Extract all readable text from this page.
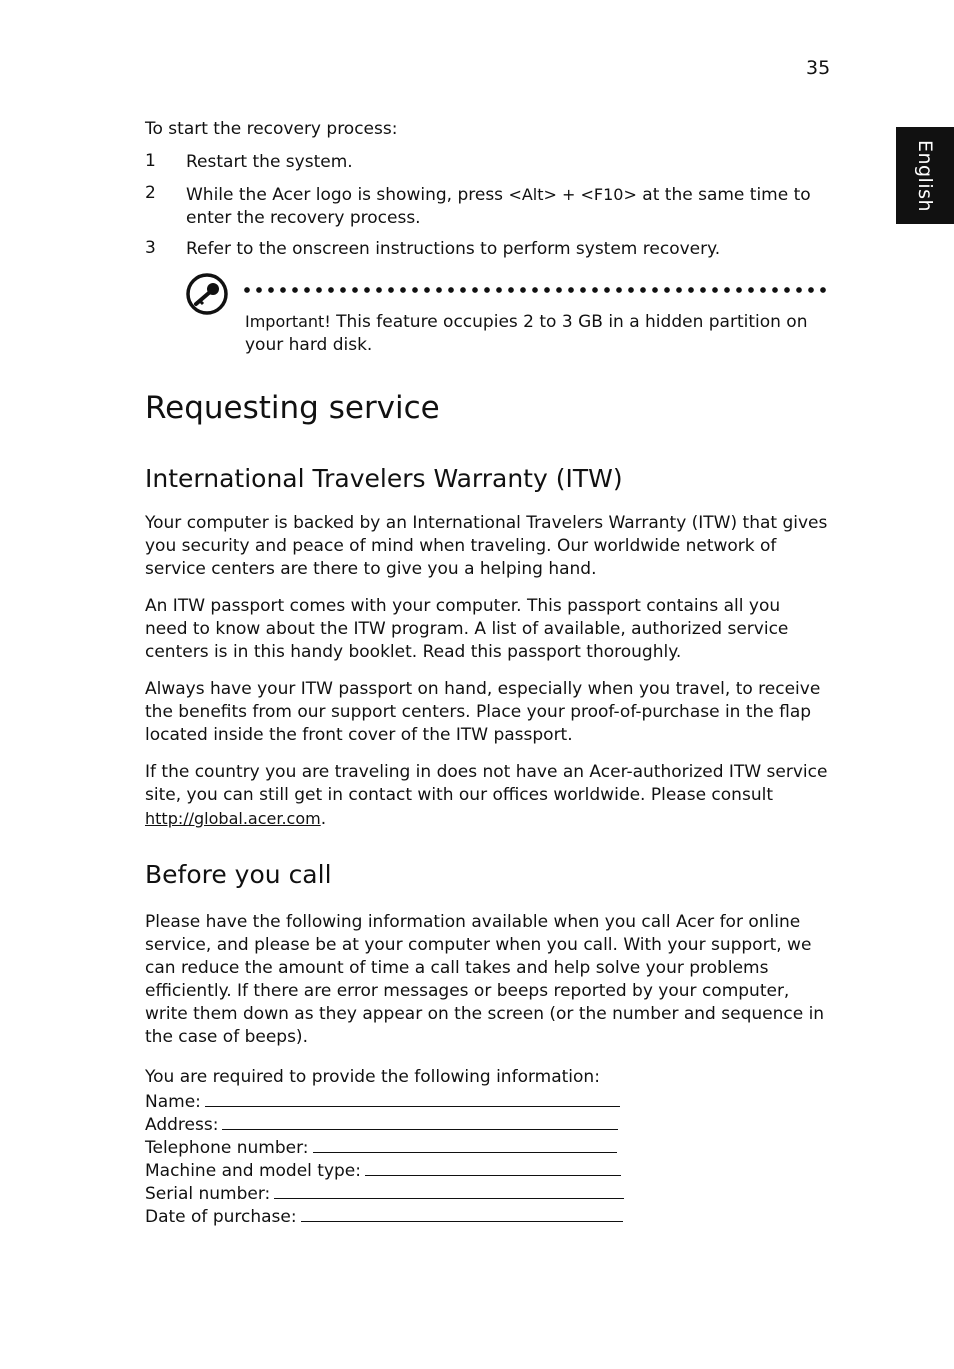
35
English

To start the recovery process:

1 Restart the system.
2 While the Acer logo is showing, press <Alt> + <F10> at the same time to enter the recovery process.
3 Refer to the onscreen instructions to perform system recovery.
Important! This feature occupies 2 to 3 GB in a hidden partition on your hard disk.
Requesting service
International Travelers Warranty (ITW)

Your computer is backed by an International Travelers Warranty (ITW) that gives you security and peace of mind when traveling. Our worldwide network of service centers are there to give you a helping hand.

An ITW passport comes with your computer. This passport contains all you need to know about the ITW program. A list of available, authorized service centers is in this handy booklet. Read this passport thoroughly.

Always have your ITW passport on hand, especially when you travel, to receive the benefits from our support centers. Place your proof-of-purchase in the flap located inside the front cover of the ITW passport.

If the country you are traveling in does not have an Acer-authorized ITW service site, you can still get in contact with our offices worldwide. Please consult http://global.acer.com.

Before you call

Please have the following information available when you call Acer for online service, and please be at your computer when you call. With your support, we can reduce the amount of time a call takes and help solve your problems efficiently. If there are error messages or beeps reported by your computer, write them down as they appear on the screen (or the number and sequence in the case of beeps).

You are required to provide the following information:
Name:
Address:
Telephone number:
Machine and model type:
Serial number:
Date of purchase:
